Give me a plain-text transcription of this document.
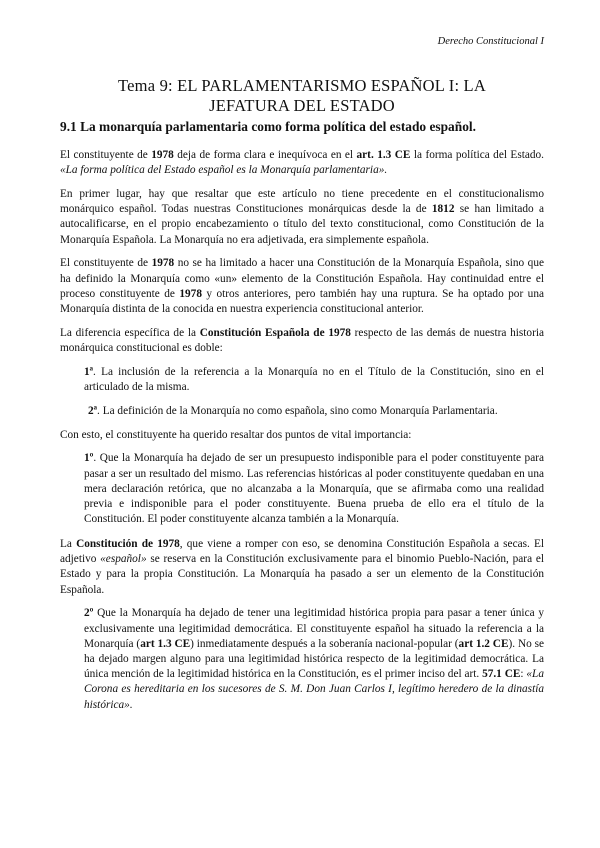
Derecho Constitucional I
Tema 9: EL PARLAMENTARISMO ESPAÑOL I: LA
JEFATURA DEL ESTADO
9.1 La monarquía parlamentaria como forma política del estado español.

El constituyente de 1978 deja de forma clara e inequívoca en el art. 1.3 CE la forma política del Estado. «La forma política del Estado español es la Monarquía parlamentaria».

En primer lugar, hay que resaltar que este artículo no tiene precedente en el constitucionalismo monárquico español. Todas nuestras Constituciones monárquicas desde la de 1812 se han limitado a autocalificarse, en el propio encabezamiento o título del texto constitucional, como Constitución de la Monarquía Española. La Monarquía no era adjetivada, era simplemente española.

El constituyente de 1978 no se ha limitado a hacer una Constitución de la Monarquía Española, sino que ha definido la Monarquía como «un» elemento de la Constitución Española. Hay continuidad entre el proceso constituyente de 1978 y otros anteriores, pero también hay una ruptura. Se ha optado por una Monarquía distinta de la conocida en nuestra experiencia constitucional anterior.

La diferencia específica de la Constitución Española de 1978 respecto de las demás de nuestra historia monárquica constitucional es doble:

1ª. La inclusión de la referencia a la Monarquía no en el Título de la Constitución, sino en el articulado de la misma.

2ª. La definición de la Monarquía no como española, sino como Monarquía Parlamentaria.

Con esto, el constituyente ha querido resaltar dos puntos de vital importancia:

1º. Que la Monarquía ha dejado de ser un presupuesto indisponible para el poder constituyente para pasar a ser un resultado del mismo. Las referencias históricas al poder constituyente quedaban en una mera declaración retórica, que no alcanzaba a la Monarquía, que se afirmaba como una realidad previa e indisponible para el poder constituyente. Buena prueba de ello era el título de la Constitución. El poder constituyente alcanza también a la Monarquía.

La Constitución de 1978, que viene a romper con eso, se denomina Constitución Española a secas. El adjetivo «español» se reserva en la Constitución exclusivamente para el binomio Pueblo-Nación, para el Estado y para la propia Constitución. La Monarquía ha pasado a ser un elemento de la Constitución Española.

2º Que la Monarquía ha dejado de tener una legitimidad histórica propia para pasar a tener única y exclusivamente una legitimidad democrática. El constituyente español ha situado la referencia a la Monarquía (art 1.3 CE) inmediatamente después a la soberanía nacional-popular (art 1.2 CE). No se ha dejado margen alguno para una legitimidad histórica respecto de la legitimidad democrática. La única mención de la legitimidad histórica en la Constitución, es el primer inciso del art. 57.1 CE: «La Corona es hereditaria en los sucesores de S. M. Don Juan Carlos I, legítimo heredero de la dinastía histórica».
